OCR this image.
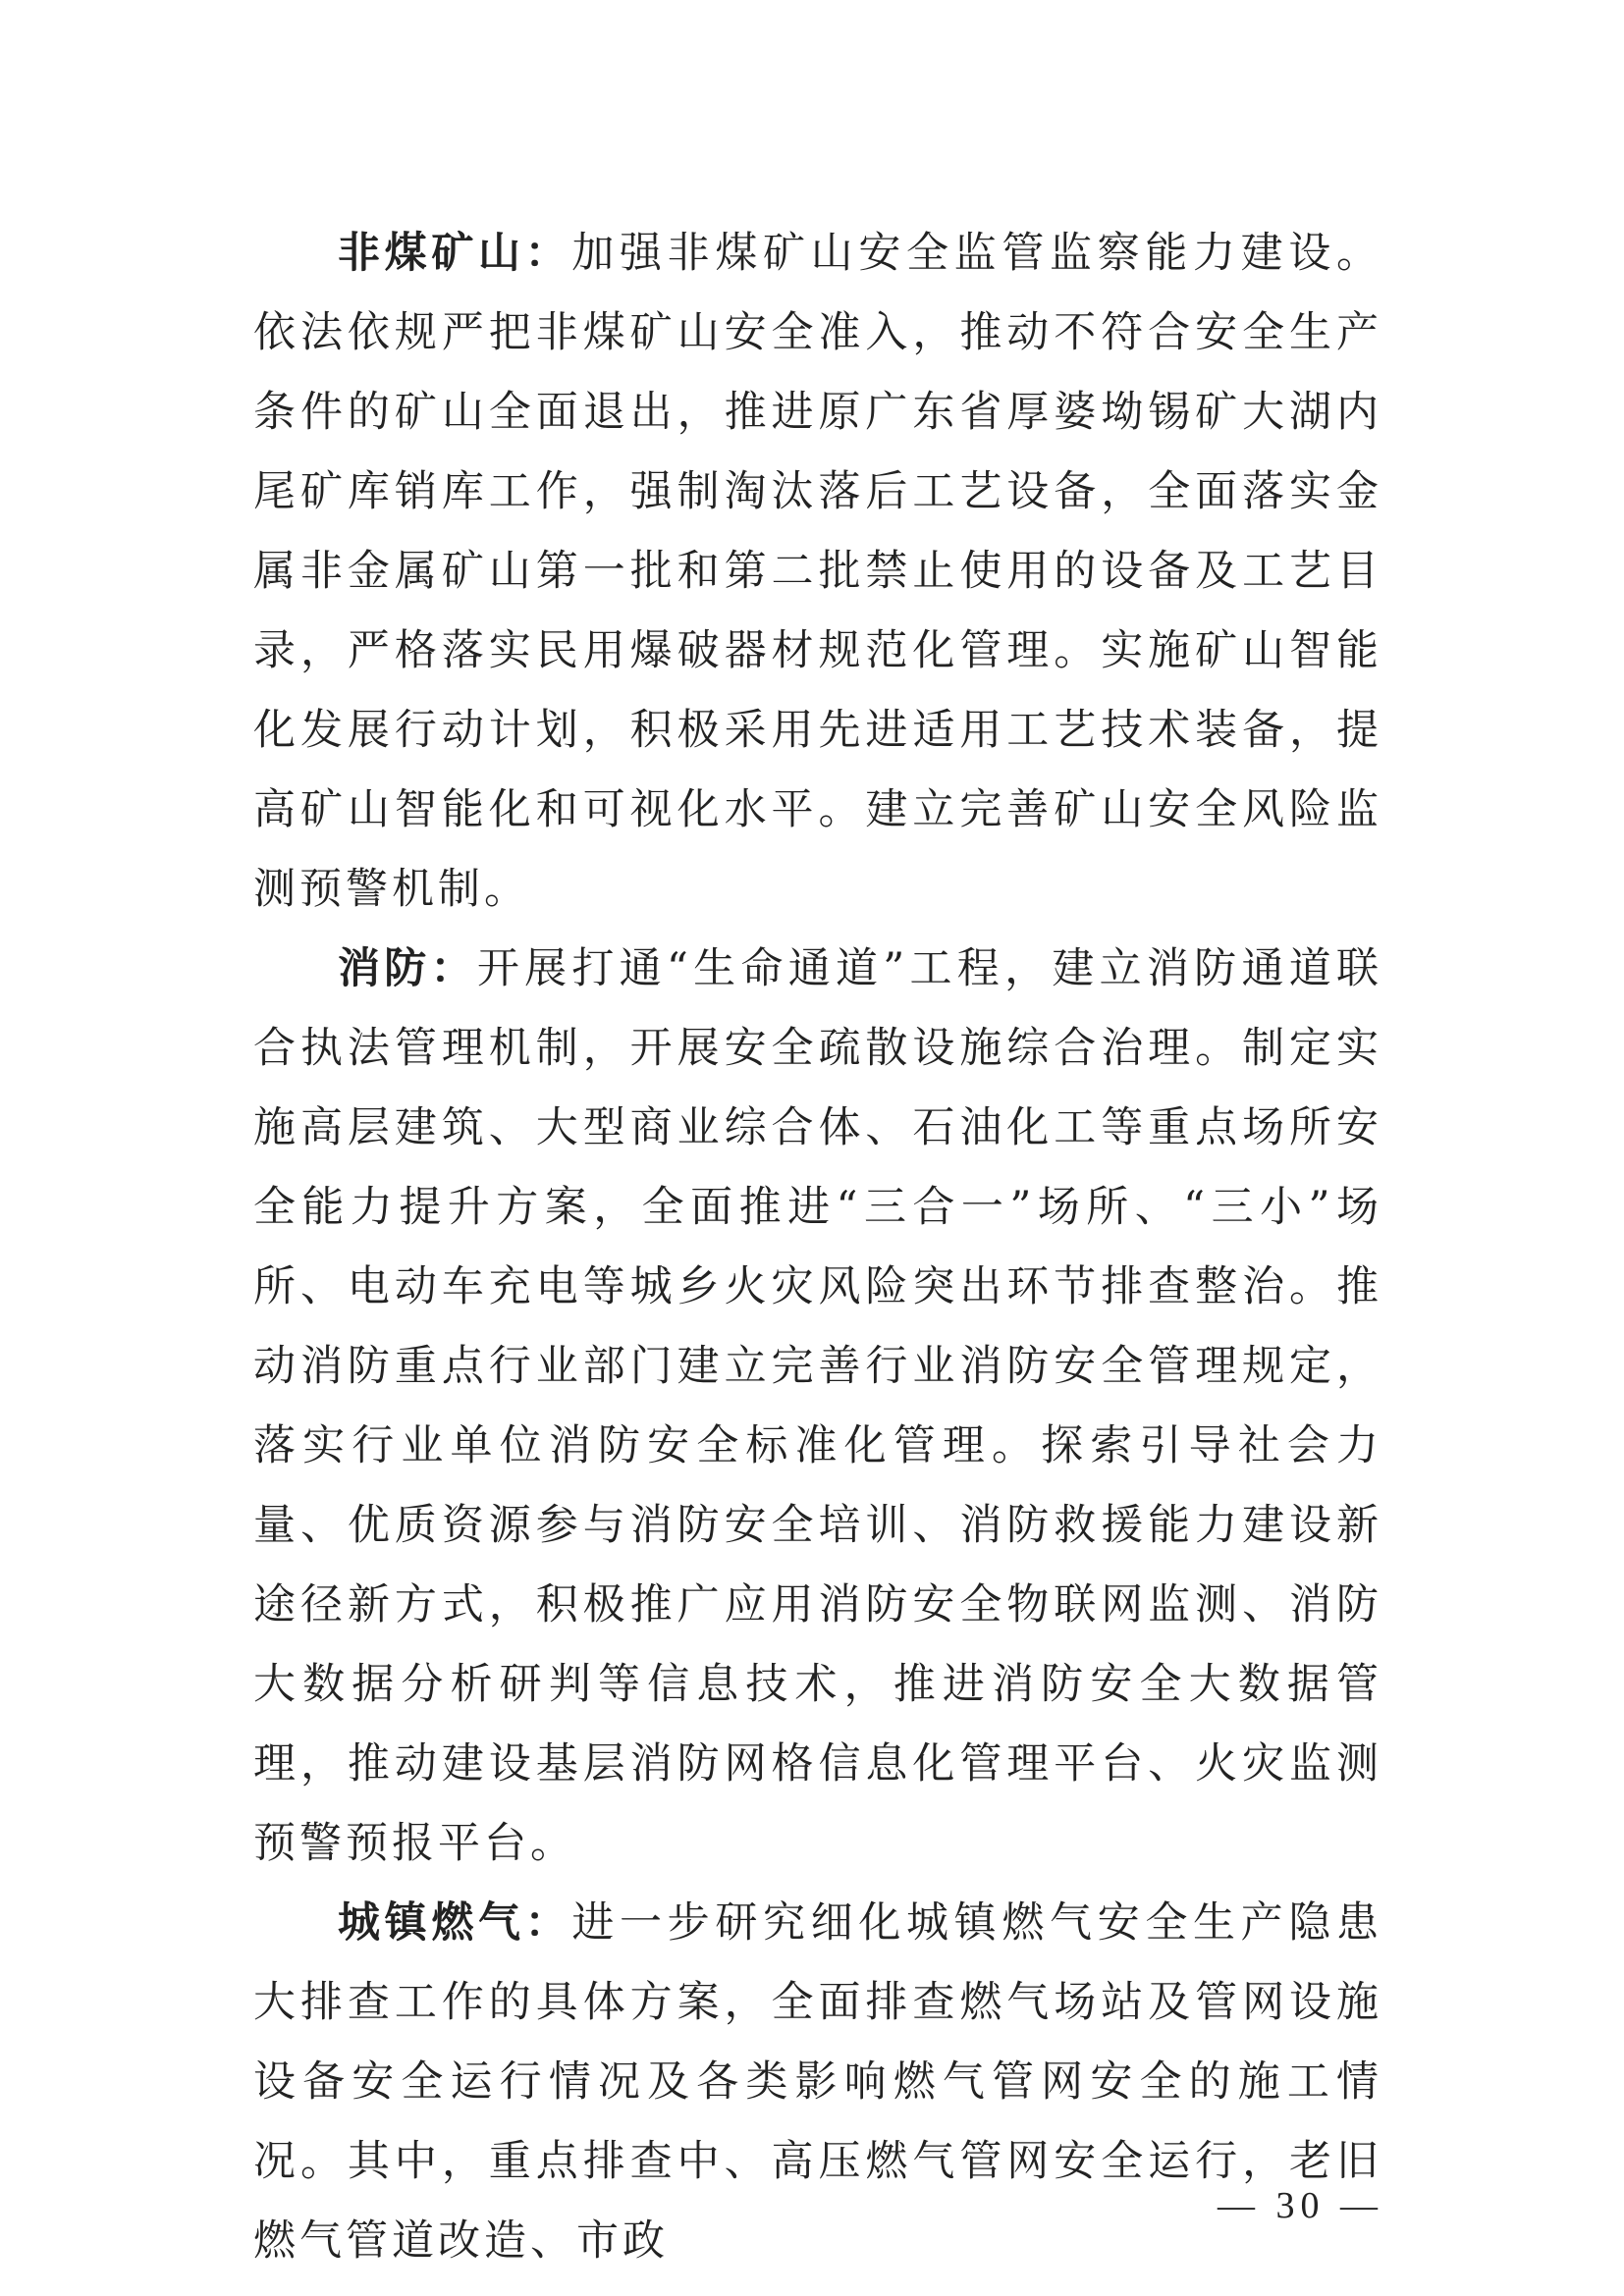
非煤矿山：加强非煤矿山安全监管监察能力建设。依法依规严把非煤矿山安全准入，推动不符合安全生产条件的矿山全面退出，推进原广东省厚婆坳锡矿大湖内尾矿库销库工作，强制淘汰落后工艺设备，全面落实金属非金属矿山第一批和第二批禁止使用的设备及工艺目录，严格落实民用爆破器材规范化管理。实施矿山智能化发展行动计划，积极采用先进适用工艺技术装备，提高矿山智能化和可视化水平。建立完善矿山安全风险监测预警机制。

消防：开展打通“生命通道”工程，建立消防通道联合执法管理机制，开展安全疏散设施综合治理。制定实施高层建筑、大型商业综合体、石油化工等重点场所安全能力提升方案，全面推进“三合一”场所、“三小”场所、电动车充电等城乡火灾风险突出环节排查整治。推动消防重点行业部门建立完善行业消防安全管理规定，落实行业单位消防安全标准化管理。探索引导社会力量、优质资源参与消防安全培训、消防救援能力建设新途径新方式，积极推广应用消防安全物联网监测、消防大数据分析研判等信息技术，推进消防安全大数据管理，推动建设基层消防网格信息化管理平台、火灾监测预警预报平台。

城镇燃气：进一步研究细化城镇燃气安全生产隐患大排查工作的具体方案，全面排查燃气场站及管网设施设备安全运行情况及各类影响燃气管网安全的施工情况。其中，重点排查中、高压燃气管网安全运行，老旧燃气管道改造、市政

— 30 —
